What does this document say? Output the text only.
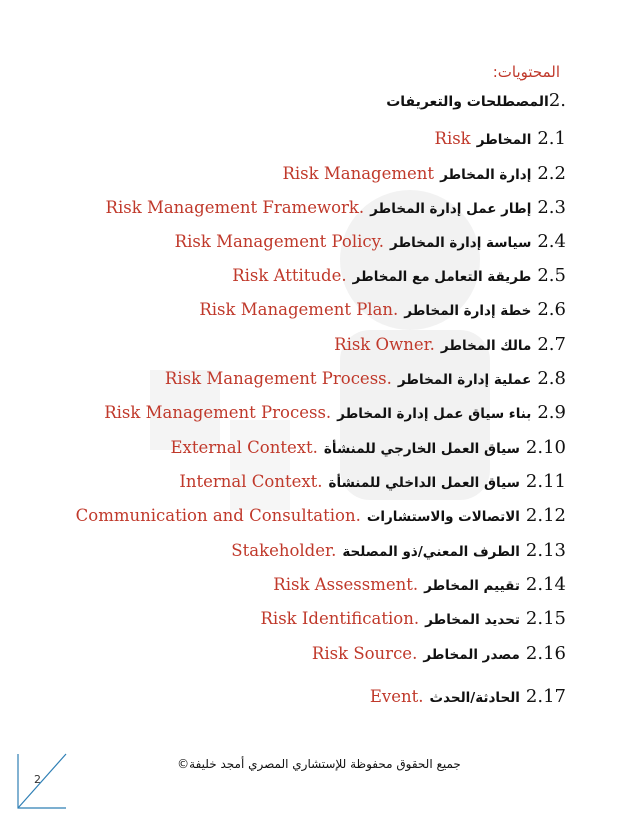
المحتويات:
2.المصطلحات والتعريفات
2.1
المخاطر
Risk
2.2
إدارة المخاطر
Risk Management
2.3
إطار عمل إدارة المخاطر
Risk Management Framework.
2.4
سياسة إدارة المخاطر
Risk Management Policy.
2.5
طريقة التعامل مع المخاطر
Risk Attitude.
2.6
خطة إدارة المخاطر
Risk Management Plan.
2.7
مالك المخاطر
Risk Owner.
2.8
عملية إدارة المخاطر
Risk Management Process.
2.9
بناء سياق عمل إدارة المخاطر
Risk Management Process.
2.10
سياق العمل الخارجي للمنشأة
External Context.
2.11
سياق العمل الداخلي للمنشأة
Internal Context.
2.12
الاتصالات والاستشارات
Communication and Consultation.
2.13
الطرف المعني/ذو المصلحة
Stakeholder.
2.14
تقييم المخاطر
Risk Assessment.
2.15
تحديد المخاطر
Risk Identification.
2.16
مصدر المخاطر
Risk Source.
2.17
الحادثة/الحدث
Event.
جميع الحقوق محفوظة للإستشاري المصري أمجد خليفة©
2
